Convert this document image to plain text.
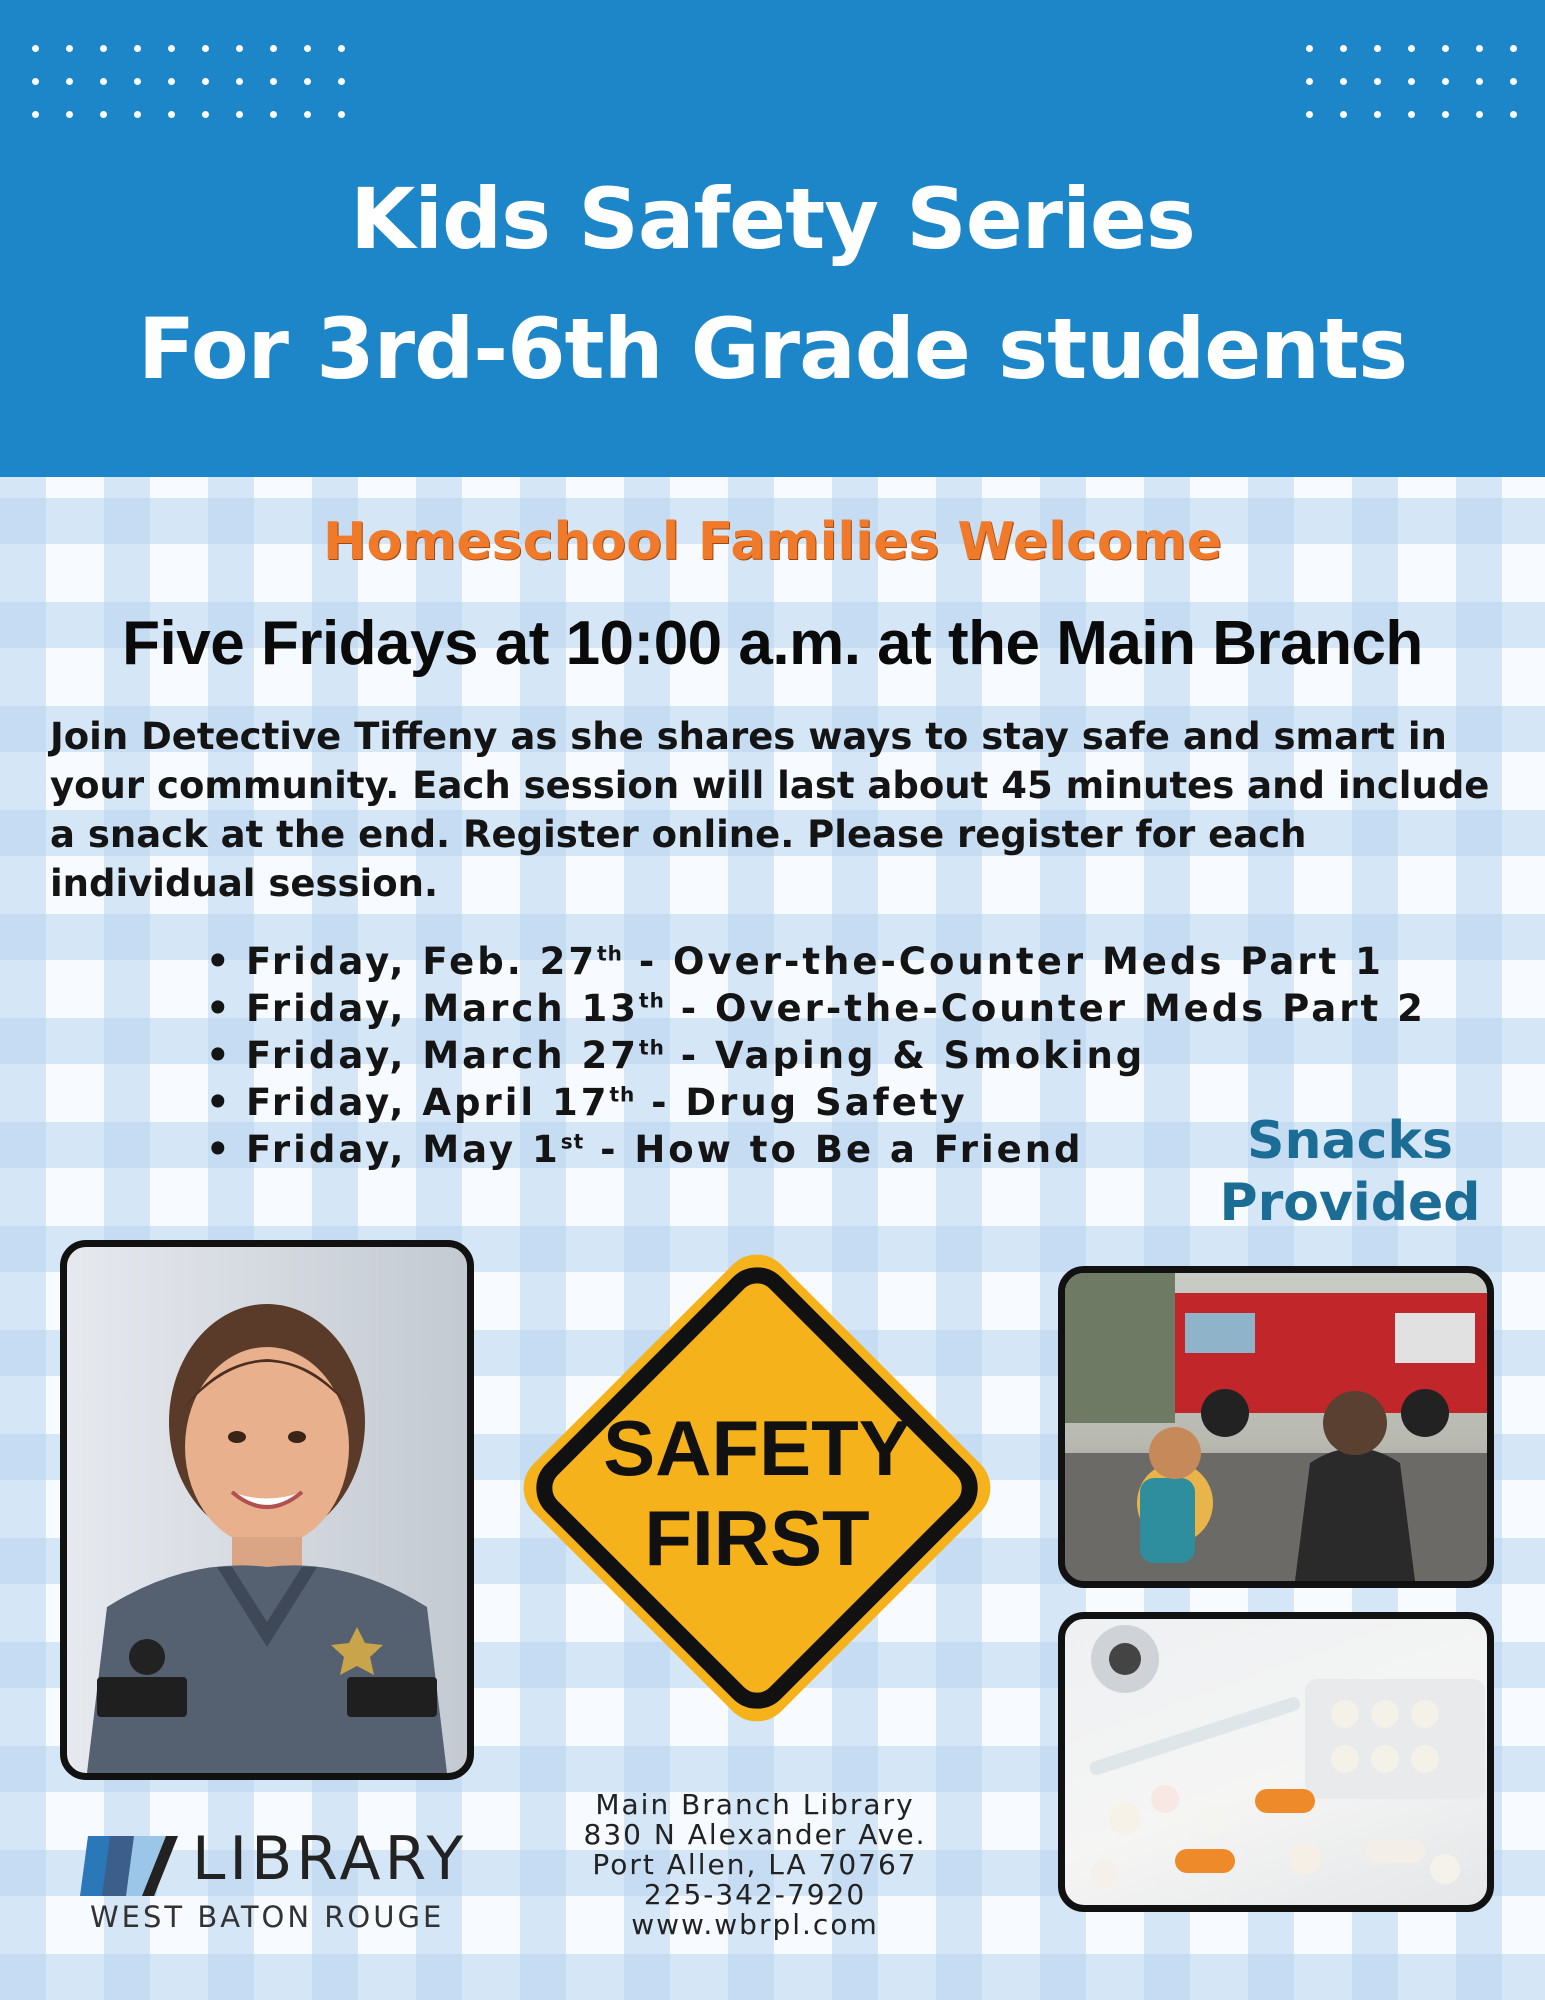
Kids Safety Series
For 3rd-6th Grade students
Homeschool Families Welcome
Five Fridays at 10:00 a.m. at the Main Branch
Join Detective Tiffeny as she shares ways to stay safe and smart in your community. Each session will last about 45 minutes and include a snack at the end. Register online. Please register for each individual session.
• Friday, Feb. 27th - Over-the-Counter Meds Part 1
• Friday, March 13th - Over-the-Counter Meds Part 2
• Friday, March 27th - Vaping & Smoking
• Friday, April 17th - Drug Safety
• Friday, May 1st - How to Be a Friend	Snacks
Provided
SAFETY
FIRST
Main Branch Library
830 N Alexander Ave.
Port Allen, LA 70767
225-342-7920
www.wbrpl.com
LIBRARY
WEST BATON ROUGE
